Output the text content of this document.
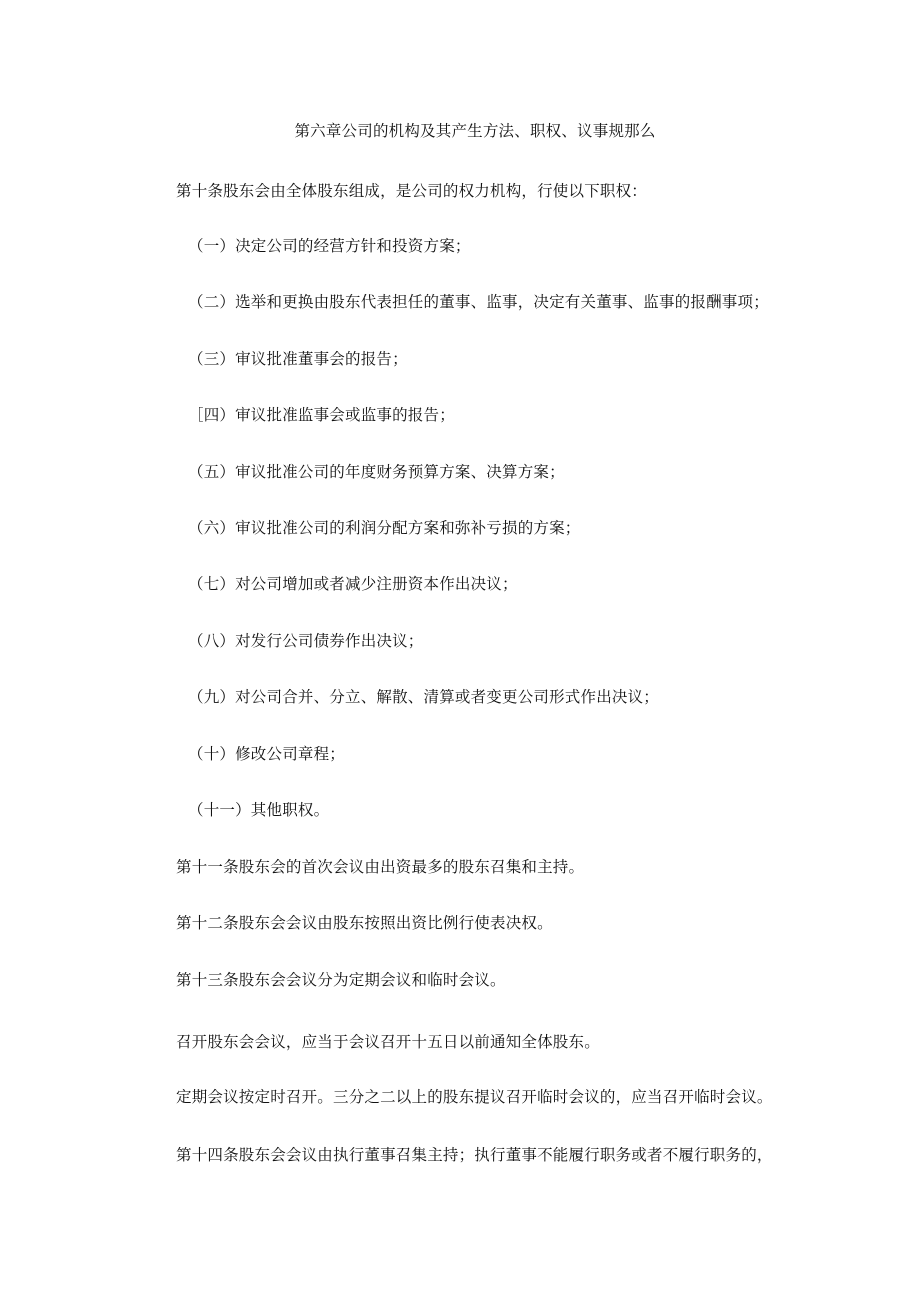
第六章公司的机构及其产生方法、职权、议事规那么
第十条股东会由全体股东组成，是公司的权力机构，行使以下职权：
（一）决定公司的经营方针和投资方案；
（二）选举和更换由股东代表担任的董事、监事，决定有关董事、监事的报酬事项；
（三）审议批准董事会的报告；
［四）审议批准监事会或监事的报告；
（五）审议批准公司的年度财务预算方案、决算方案；
（六）审议批准公司的利润分配方案和弥补亏损的方案；
（七）对公司增加或者减少注册资本作出决议；
（八）对发行公司债券作出决议；
（九）对公司合并、分立、解散、清算或者变更公司形式作出决议；
（十）修改公司章程；
（十一）其他职权。
第十一条股东会的首次会议由出资最多的股东召集和主持。
第十二条股东会会议由股东按照出资比例行使表决权。
第十三条股东会会议分为定期会议和临时会议。
召开股东会会议，应当于会议召开十五日以前通知全体股东。
定期会议按定时召开。三分之二以上的股东提议召开临时会议的，应当召开临时会议。
第十四条股东会会议由执行董事召集主持；执行董事不能履行职务或者不履行职务的，
